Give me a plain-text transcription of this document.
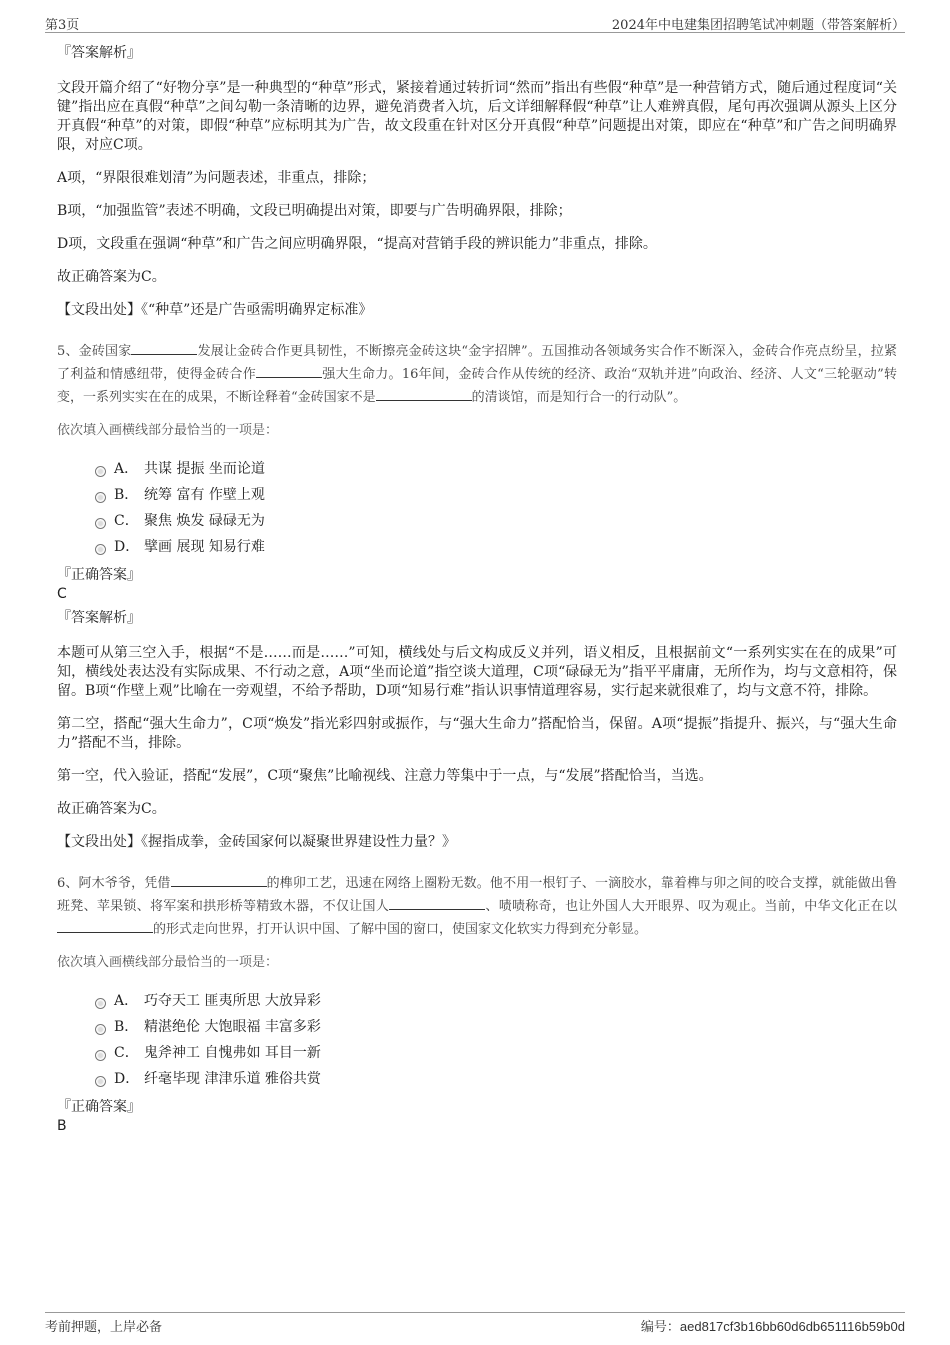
第3页	2024年中电建集团招聘笔试冲刺题（带答案解析）
『答案解析』
文段开篇介绍了“好物分享”是一种典型的“种草”形式，紧接着通过转折词“然而”指出有些假“种草”是一种营销方式，随后通过程度词“关键”指出应在真假“种草”之间勾勒一条清晰的边界，避免消费者入坑，后文详细解释假“种草”让人难辨真假，尾句再次强调从源头上区分开真假“种草”的对策，即假“种草”应标明其为广告，故文段重在针对区分开真假“种草”问题提出对策，即应在“种草”和广告之间明确界限，对应C项。
A项，“界限很难划清”为问题表述，非重点，排除；
B项，“加强监管”表述不明确，文段已明确提出对策，即要与广告明确界限，排除；
D项，文段重在强调“种草”和广告之间应明确界限，“提高对营销手段的辨识能力”非重点，排除。
故正确答案为C。
【文段出处】《“种草”还是广告亟需明确界定标准》
5、金砖国家	发展让金砖合作更具韧性，不断擦亮金砖这块“金字招牌”。五国推动各领域务实合作不断深入，金砖合作亮点纷呈，拉紧了利益和情感纽带，使得金砖合作	强大生命力。16年间，金砖合作从传统的经济、政治“双轨并进”向政治、经济、人文“三轮驱动”转变，一系列实实在在的成果，不断诠释着“金砖国家不是	的清谈馆，而是知行合一的行动队”。
依次填入画横线部分最恰当的一项是：
A． 共谋 提振 坐而论道
B． 统筹 富有 作壁上观
C． 聚焦 焕发 碌碌无为
D． 擘画 展现 知易行难
『正确答案』
C
『答案解析』
本题可从第三空入手，根据“不是……而是……”可知，横线处与后文构成反义并列，语义相反，且根据前文“一系列实实在在的成果”可知，横线处表达没有实际成果、不行动之意，A项“坐而论道”指空谈大道理，C项“碌碌无为”指平平庸庸，无所作为，均与文意相符，保留。B项“作壁上观”比喻在一旁观望，不给予帮助，D项“知易行难”指认识事情道理容易，实行起来就很难了，均与文意不符，排除。
第二空，搭配“强大生命力”，C项“焕发”指光彩四射或振作，与“强大生命力”搭配恰当，保留。A项“提振”指提升、振兴，与“强大生命力”搭配不当，排除。
第一空，代入验证，搭配“发展”，C项“聚焦”比喻视线、注意力等集中于一点，与“发展”搭配恰当，当选。
故正确答案为C。
【文段出处】《握指成拳，金砖国家何以凝聚世界建设性力量？》
6、阿木爷爷，凭借	的榫卯工艺，迅速在网络上圈粉无数。他不用一根钉子、一滴胶水，靠着榫与卯之间的咬合支撑，就能做出鲁班凳、苹果锁、将军案和拱形桥等精致木器，不仅让国人	、啧啧称奇，也让外国人大开眼界、叹为观止。当前，中华文化正在以的形式走向世界，打开认识中国、了解中国的窗口，使国家文化软实力得到充分彰显。
依次填入画横线部分最恰当的一项是：
A． 巧夺天工 匪夷所思 大放异彩
B． 精湛绝伦 大饱眼福 丰富多彩
C． 鬼斧神工 自愧弗如 耳目一新
D． 纤毫毕现 津津乐道 雅俗共赏
『正确答案』
B
考前押题，上岸必备	编号：aed817cf3b16bb60d6db651116b59b0d
